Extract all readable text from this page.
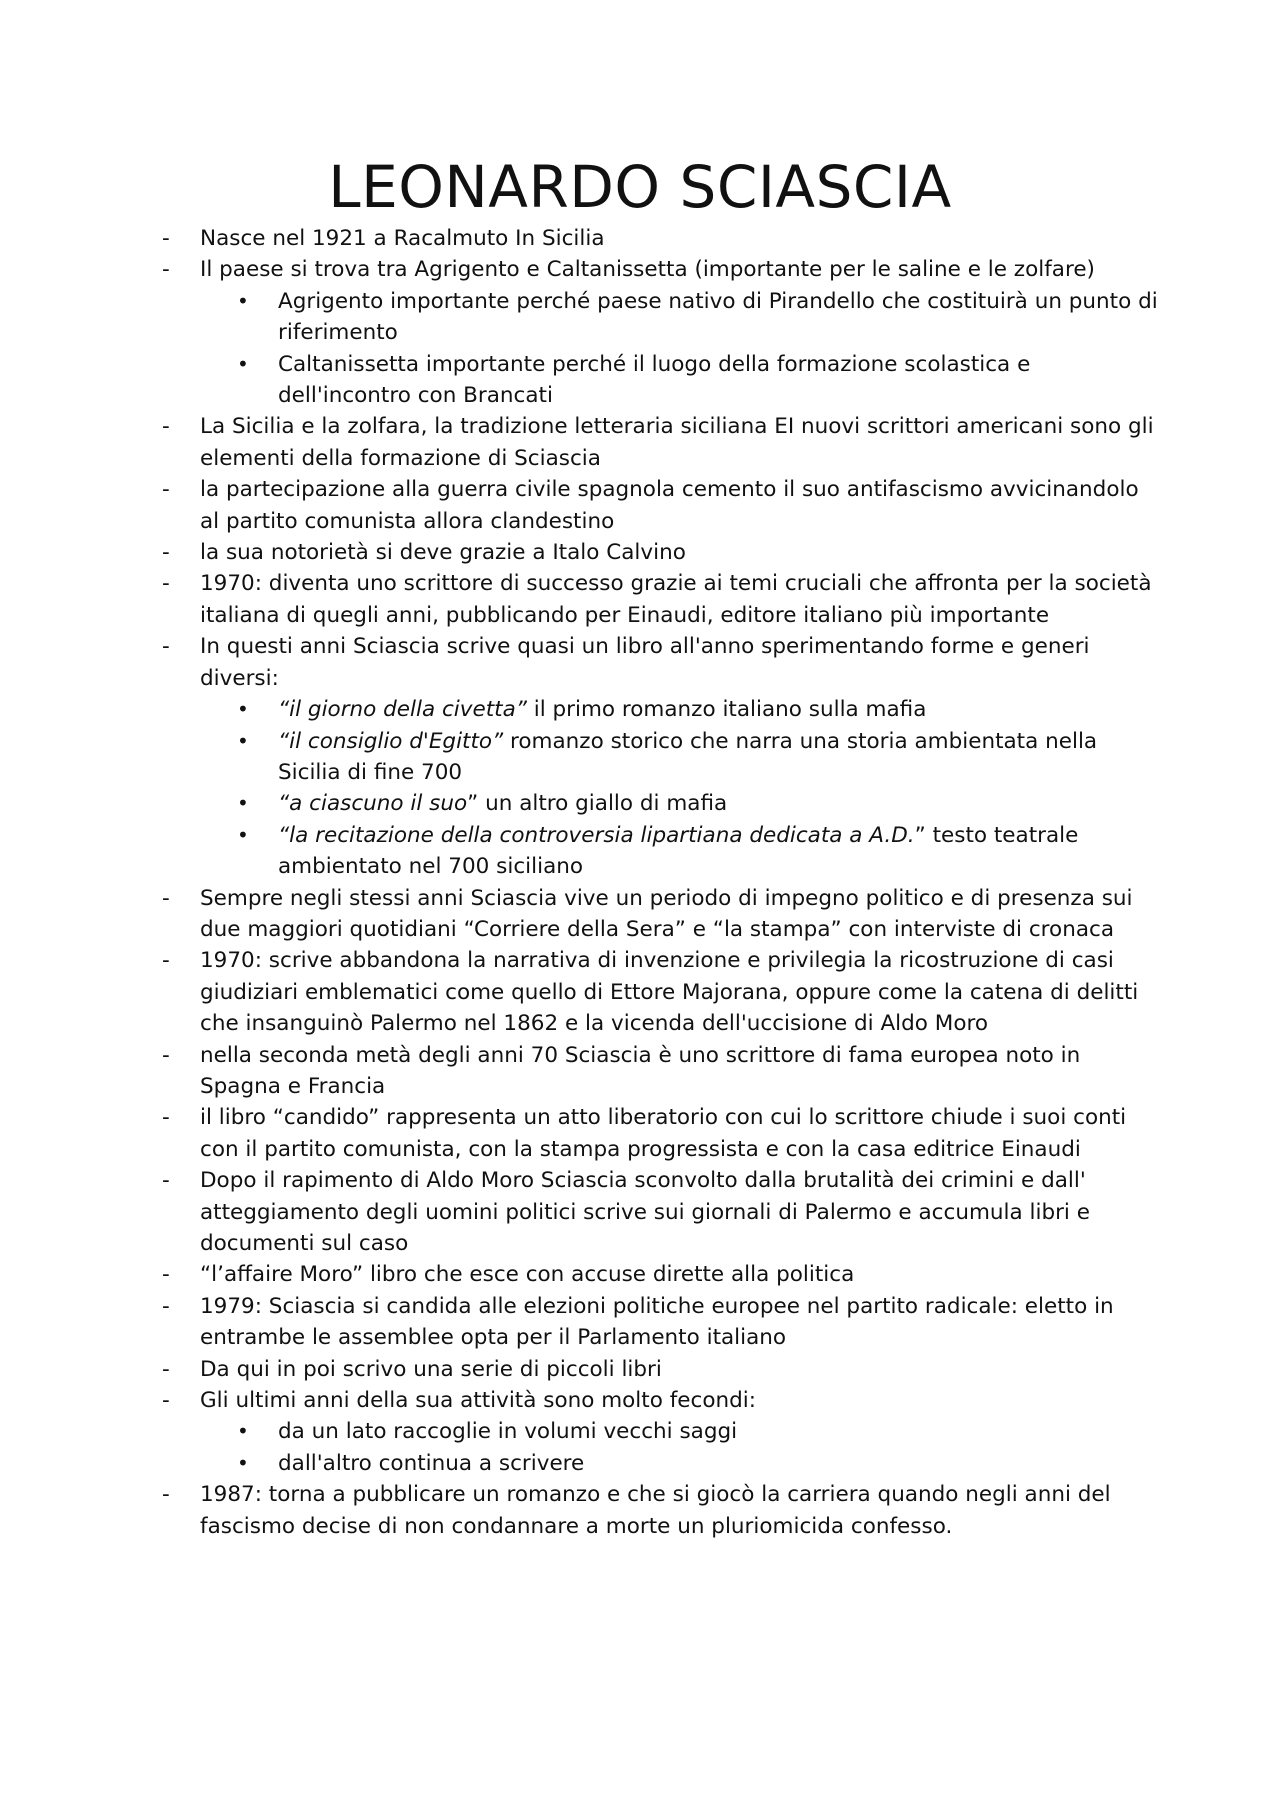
LEONARDO SCIASCIA
- Nasce nel 1921 a Racalmuto In Sicilia
- Il paese si trova tra Agrigento e Caltanissetta (importante per le saline e le zolfare)
• Agrigento importante perché paese nativo di Pirandello che costituirà un punto di riferimento
• Caltanissetta importante perché il luogo della formazione scolastica e dell'incontro con Brancati
- La Sicilia e la zolfara, la tradizione letteraria siciliana EI nuovi scrittori americani sono gli elementi della formazione di Sciascia
- la partecipazione alla guerra civile spagnola cemento il suo antifascismo avvicinandolo al partito comunista allora clandestino
- la sua notorietà si deve grazie a Italo Calvino
- 1970: diventa uno scrittore di successo grazie ai temi cruciali che affronta per la società italiana di quegli anni, pubblicando per Einaudi, editore italiano più importante
- In questi anni Sciascia scrive quasi un libro all'anno sperimentando forme e generi diversi:
• “il giorno della civetta” il primo romanzo italiano sulla mafia
• “il consiglio d'Egitto” romanzo storico che narra una storia ambientata nella Sicilia di fine 700
• “a ciascuno il suo” un altro giallo di mafia
• “la recitazione della controversia lipartiana dedicata a A.D.” testo teatrale ambientato nel 700 siciliano
- Sempre negli stessi anni Sciascia vive un periodo di impegno politico e di presenza sui due maggiori quotidiani “Corriere della Sera” e “la stampa” con interviste di cronaca
- 1970: scrive abbandona la narrativa di invenzione e privilegia la ricostruzione di casi giudiziari emblematici come quello di Ettore Majorana, oppure come la catena di delitti che insanguinò Palermo nel 1862 e la vicenda dell'uccisione di Aldo Moro
- nella seconda metà degli anni 70 Sciascia è uno scrittore di fama europea noto in Spagna e Francia
- il libro “candido” rappresenta un atto liberatorio con cui lo scrittore chiude i suoi conti con il partito comunista, con la stampa progressista e con la casa editrice Einaudi
- Dopo il rapimento di Aldo Moro Sciascia sconvolto dalla brutalità dei crimini e dall' atteggiamento degli uomini politici scrive sui giornali di Palermo e accumula libri e documenti sul caso
- “l’affaire Moro” libro che esce con accuse dirette alla politica
- 1979: Sciascia si candida alle elezioni politiche europee nel partito radicale: eletto in entrambe le assemblee opta per il Parlamento italiano
- Da qui in poi scrivo una serie di piccoli libri
- Gli ultimi anni della sua attività sono molto fecondi:
• da un lato raccoglie in volumi vecchi saggi
• dall'altro continua a scrivere
- 1987: torna a pubblicare un romanzo e che si giocò la carriera quando negli anni del fascismo decise di non condannare a morte un pluriomicida confesso.
